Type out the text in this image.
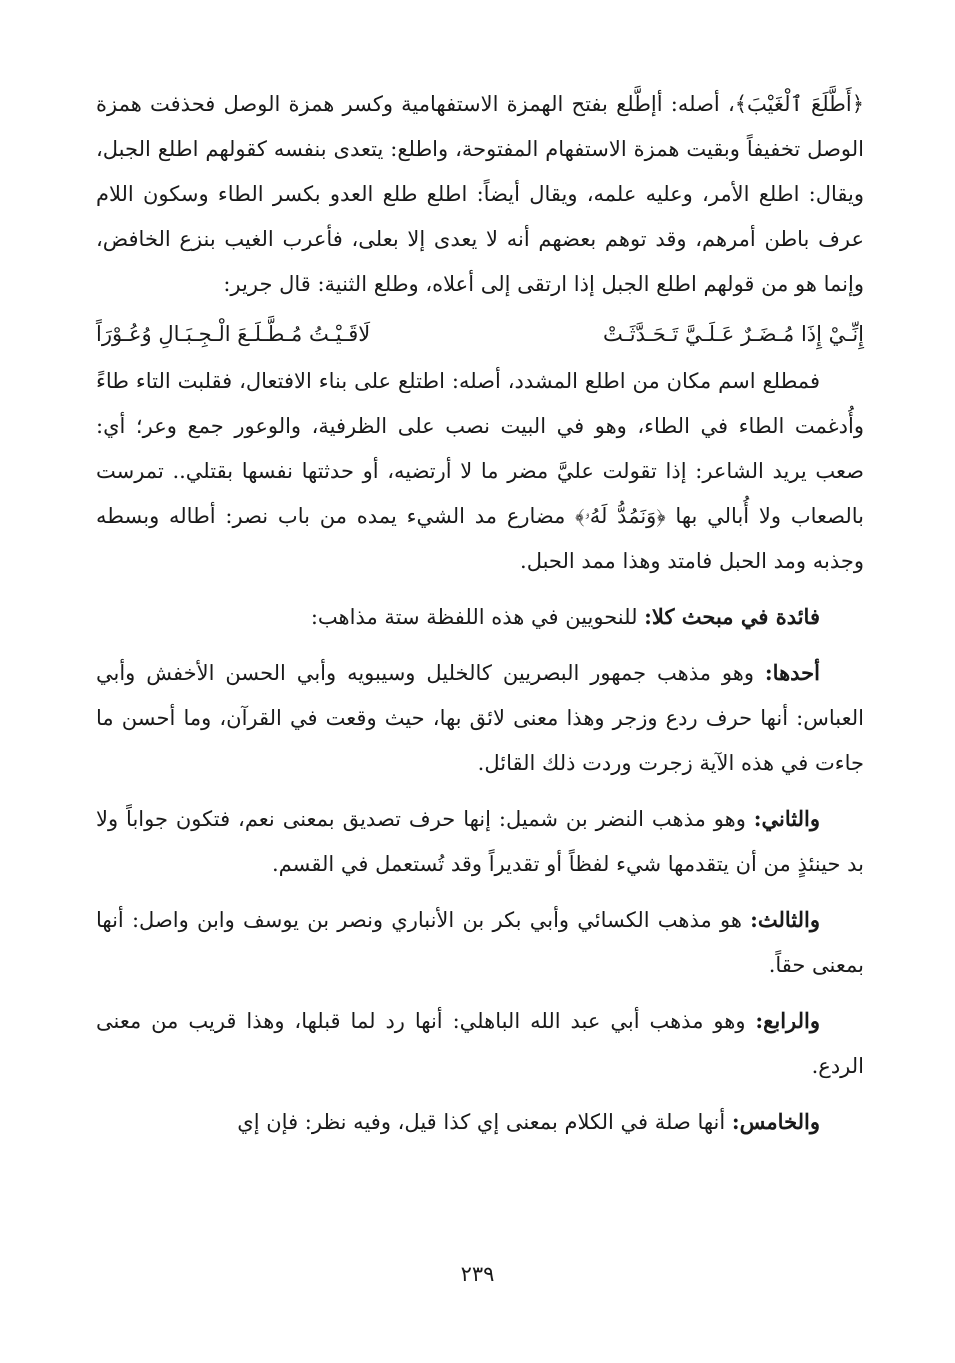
﴿أَطَّلَعَ ٱلْغَيْبَ﴾، أصله: أإطَّلع بفتح الهمزة الاستفهامية وكسر همزة الوصل فحذفت همزة الوصل تخفيفاً وبقيت همزة الاستفهام المفتوحة، واطلع: يتعدى بنفسه كقولهم اطلع الجبل، ويقال: اطلع الأمر، وعليه علمه، ويقال أيضاً: اطلع طلع العدو بكسر الطاء وسكون اللام عرف باطن أمرهم، وقد توهم بعضهم أنه لا يعدى إلا بعلى، فأعرب الغيب بنزع الخافض، وإنما هو من قولهم اطلع الجبل إذا ارتقى إلى أعلاه، وطلع الثنية: قال جرير:

إِنِّـيْ إِذَا مُـضَـرٌ عَـلَـيَّ تَـحَـدَّثَـتْ
لَاقَـيْـتُ مُـطَّـلَـعَ الْـجِـبَـالِ وُعُـوْرَاً

فمطلع اسم مكان من اطلع المشدد، أصله: اطتلع على بناء الافتعال، فقلبت التاء طاءً وأُدغمت الطاء في الطاء، وهو في البيت نصب على الظرفية، والوعور جمع وعر؛ أي: صعب يريد الشاعر: إذا تقولت عليَّ مضر ما لا أرتضيه، أو حدثتها نفسها بقتلي.. تمرست بالصعاب ولا أُبالي بها ﴿وَنَمُدُّ لَهُۥ﴾ مضارع مد الشيء يمده من باب نصر: أطاله وبسطه وجذبه ومد الحبل فامتد وهذا ممد الحبل.

فائدة في مبحث كلا: للنحويين في هذه اللفظة ستة مذاهب:

أحدها: وهو مذهب جمهور البصريين كالخليل وسيبويه وأبي الحسن الأخفش وأبي العباس: أنها حرف ردع وزجر وهذا معنى لائق بها، حيث وقعت في القرآن، وما أحسن ما جاءت في هذه الآية زجرت وردت ذلك القائل.

والثاني: وهو مذهب النضر بن شميل: إنها حرف تصديق بمعنى نعم، فتكون جواباً ولا بد حينئذٍ من أن يتقدمها شيء لفظاً أو تقديراً وقد تُستعمل في القسم.

والثالث: هو مذهب الكسائي وأبي بكر بن الأنباري ونصر بن يوسف وابن واصل: أنها بمعنى حقاً.

والرابع: وهو مذهب أبي عبد الله الباهلي: أنها رد لما قبلها، وهذا قريب من معنى الردع.

والخامس: أنها صلة في الكلام بمعنى إي كذا قيل، وفيه نظر: فإن إي

٢٣٩
